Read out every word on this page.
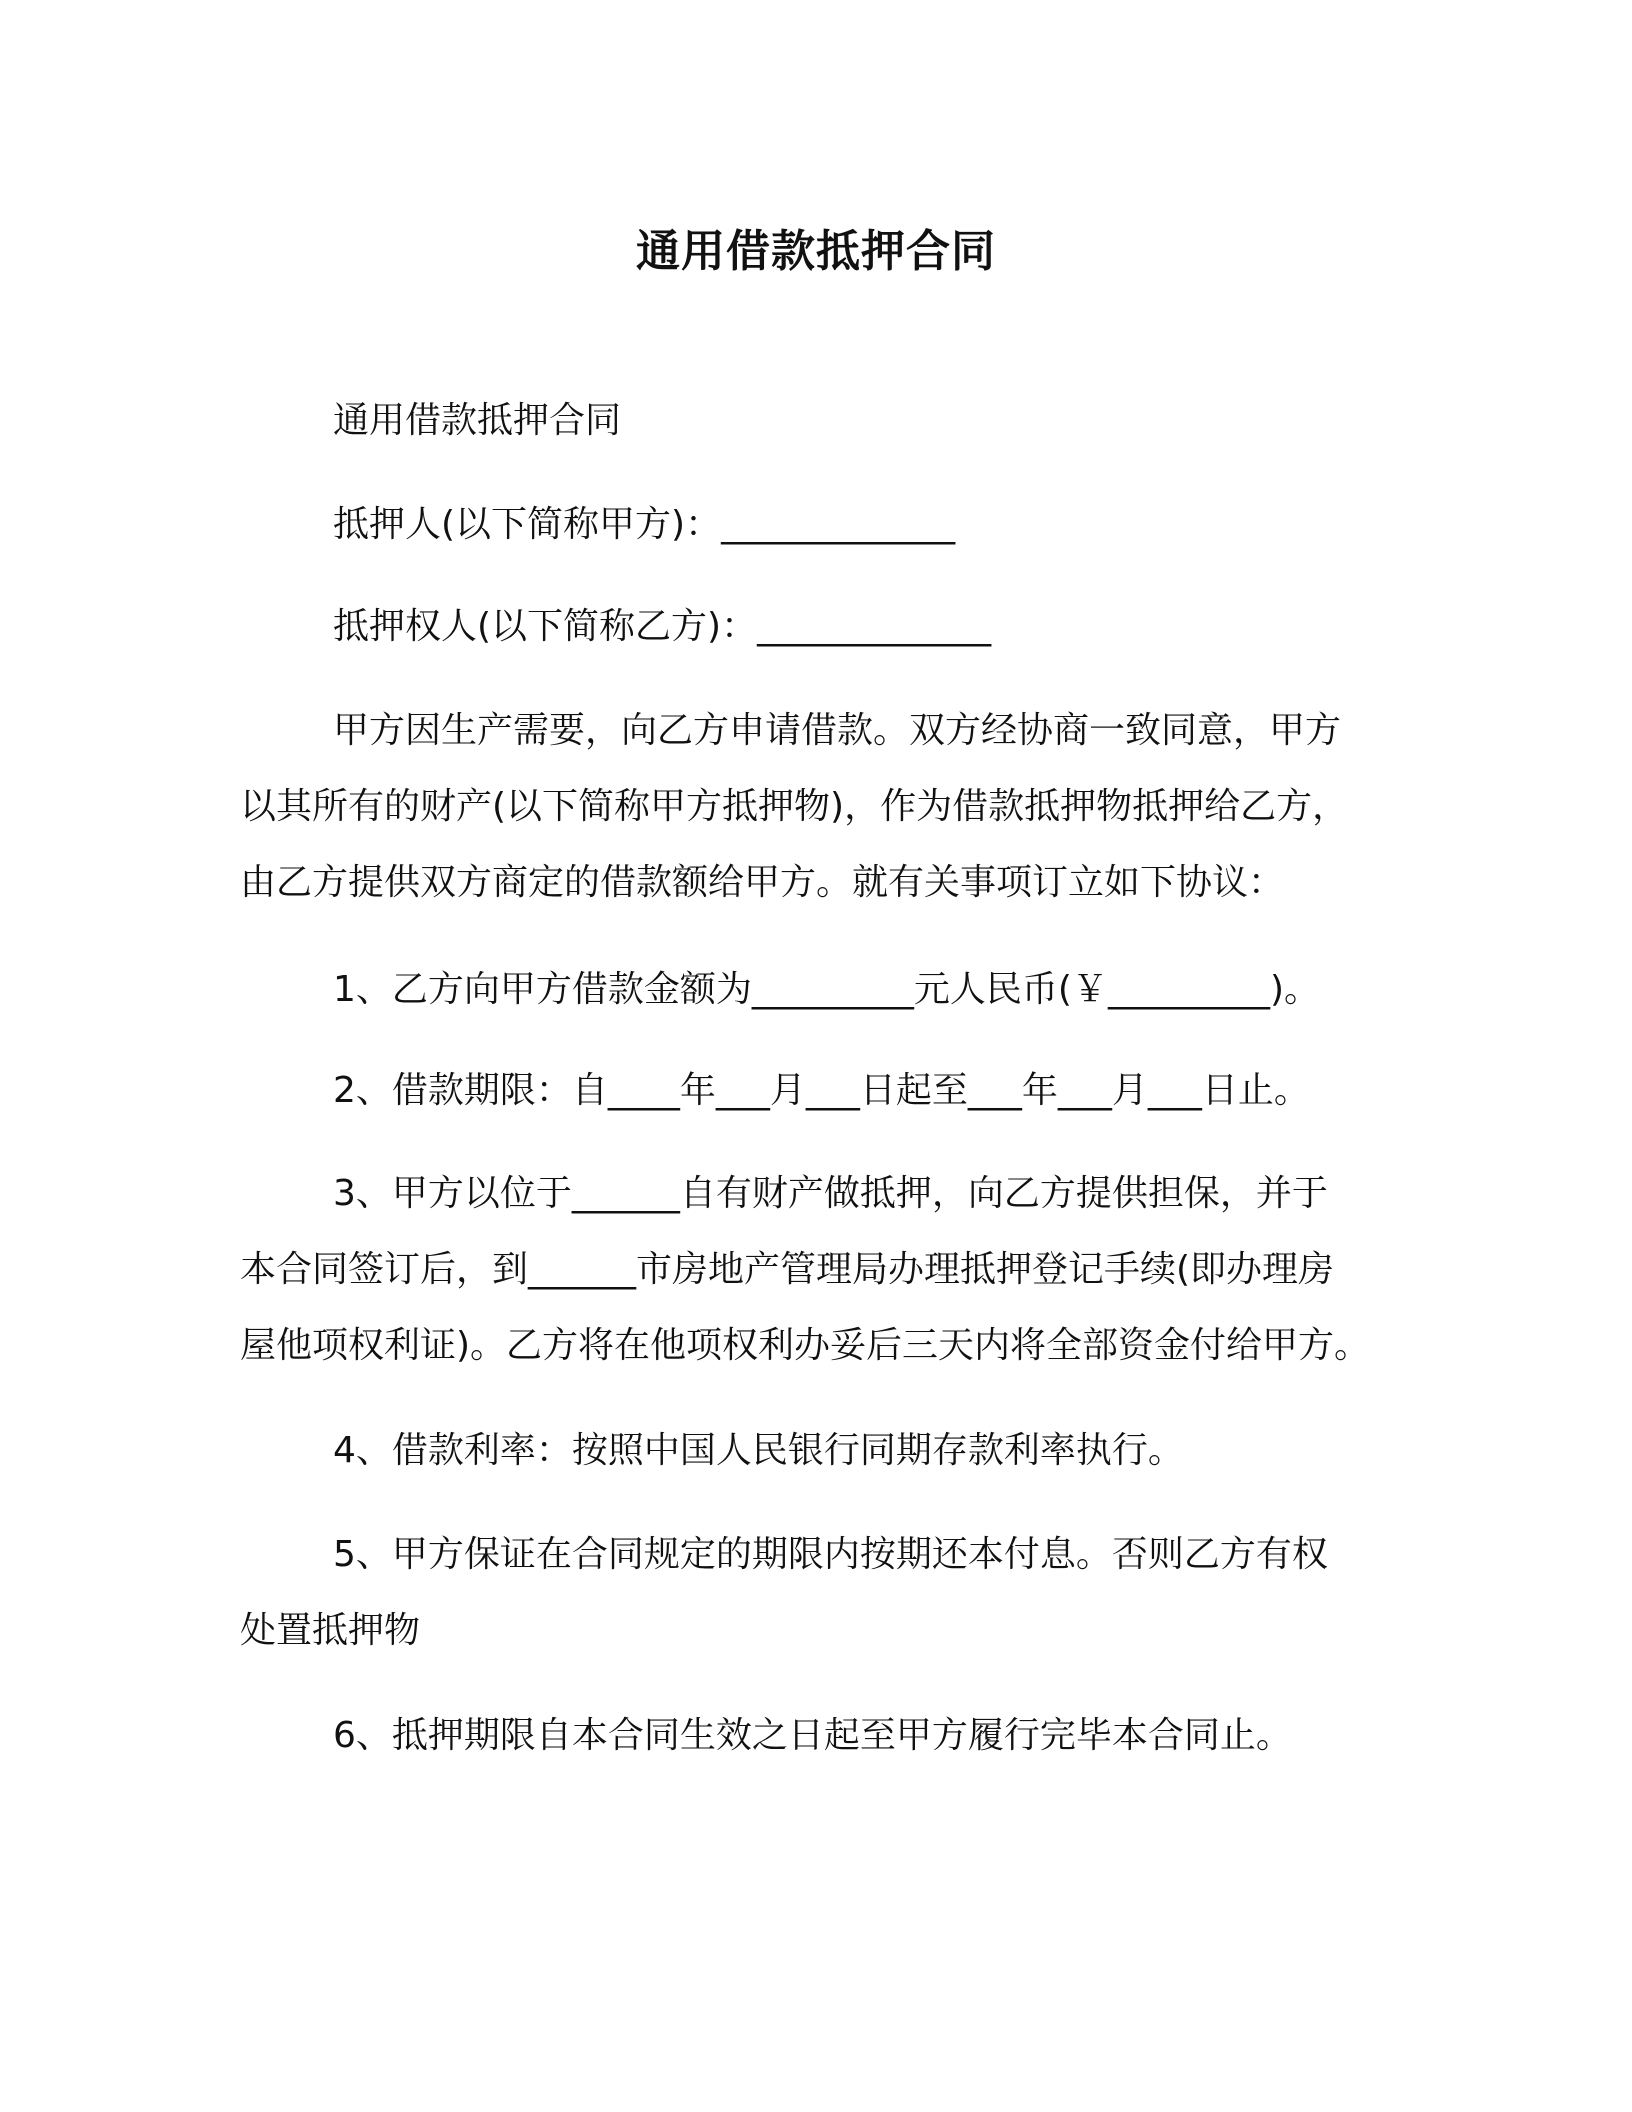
通用借款抵押合同
通用借款抵押合同
抵押人(以下简称甲方)：_____________
抵押权人(以下简称乙方)：_____________
甲方因生产需要，向乙方申请借款。双方经协商一致同意，甲方
以其所有的财产(以下简称甲方抵押物)，作为借款抵押物抵押给乙方，
由乙方提供双方商定的借款额给甲方。就有关事项订立如下协议：
1、乙方向甲方借款金额为_________元人民币(￥_________)。
2、借款期限：自____年___月___日起至___年___月___日止。
3、甲方以位于______自有财产做抵押，向乙方提供担保，并于
本合同签订后，到______市房地产管理局办理抵押登记手续(即办理房
屋他项权利证)。乙方将在他项权利办妥后三天内将全部资金付给甲方。
4、借款利率：按照中国人民银行同期存款利率执行。
5、甲方保证在合同规定的期限内按期还本付息。否则乙方有权
处置抵押物
6、抵押期限自本合同生效之日起至甲方履行完毕本合同止。
